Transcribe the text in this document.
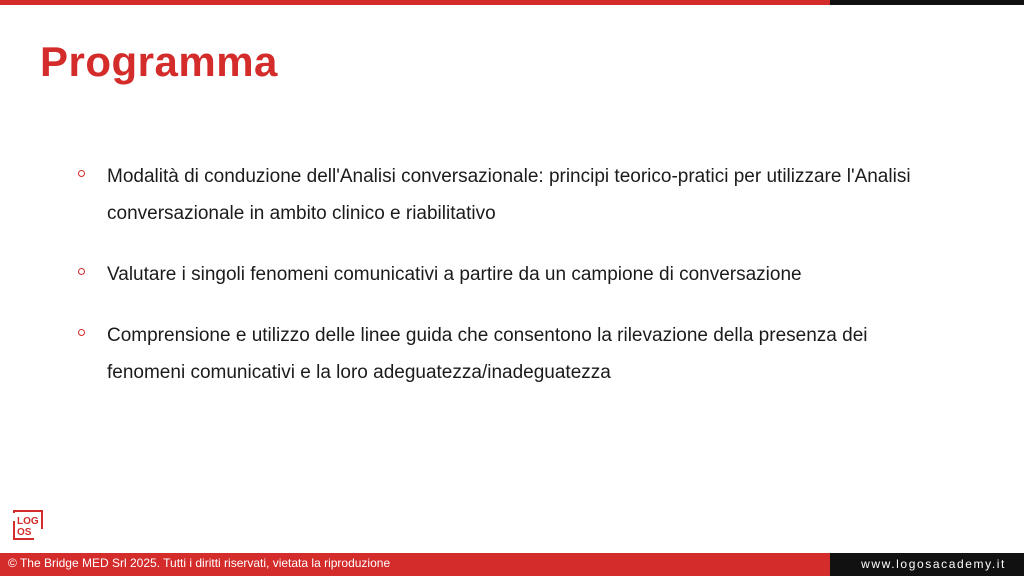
Programma
Modalità di conduzione dell'Analisi conversazionale: principi teorico-pratici per utilizzare l'Analisi conversazionale in ambito clinico e riabilitativo
Valutare i singoli fenomeni comunicativi a partire da un campione di conversazione
Comprensione e utilizzo delle linee guida che consentono la rilevazione della presenza dei fenomeni comunicativi e la loro adeguatezza/inadeguatezza
LOG
OS
© The Bridge MED Srl 2025. Tutti i diritti riservati, vietata la riproduzione	www.logosacademy.it
